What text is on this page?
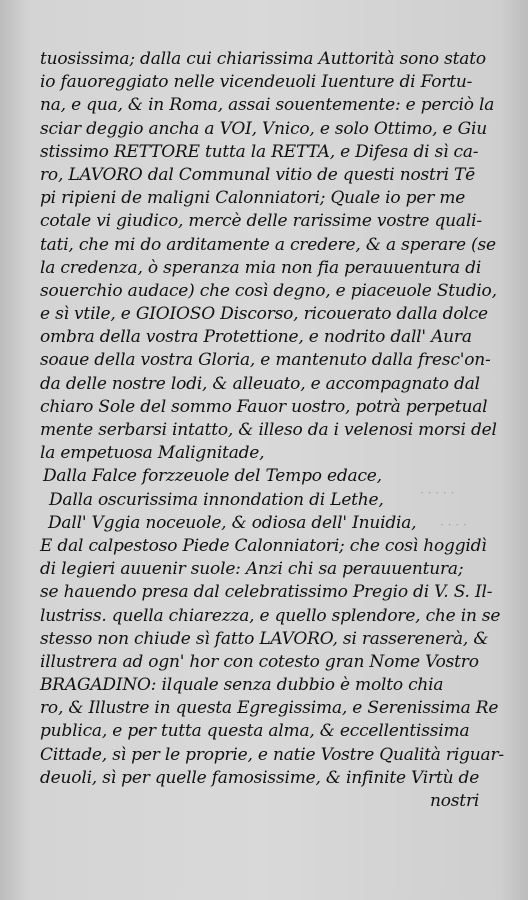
· · · · ·
· · · ·
tuosissima; dalla cui chiarissima Auttorità sono stato
io fauoreggiato nelle vicendeuoli Iuenture di Fortu-
na, e qua, & in Roma, assai souentemente: e perciò la
sciar deggio ancha a VOI, Vnico, e solo Ottimo, e Giu
stissimo RETTORE tutta la RETTA, e Difesa di sì ca-
ro, LAVORO dal Communal vitio de questi nostri Tē
pi ripieni de maligni Calonniatori; Quale io per me
cotale vi giudico, mercè delle rarissime vostre quali-
tati, che mi do arditamente a credere, & a sperare (se
la credenza, ò speranza mia non fia perauuentura di
souerchio audace) che così degno, e piaceuole Studio,
e sì vtile, e GIOIOSO Discorso, ricouerato dalla dolce
ombra della vostra Protettione, e nodrito dall' Aura
soaue della vostra Gloria, e mantenuto dalla fresc'on-
da delle nostre lodi, & alleuato, e accompagnato dal
chiaro Sole del sommo Fauor uostro, potrà perpetual
mente serbarsi intatto, & illeso da i velenosi morsi del
la empetuosa Malignitade,
Dalla Falce forzzeuole del Tempo edace,
Dalla oscurissima innondation di Lethe,
Dall' Vggia noceuole, & odiosa dell' Inuidia,
E dal calpestoso Piede Calonniatori; che così hoggidì
di legieri auuenir suole: Anzi chi sa perauuentura;
se hauendo presa dal celebratissimo Pregio di V. S. Il-
lustriss. quella chiarezza, e quello splendore, che in se
stesso non chiude sì fatto LAVORO, si rasserenerà, &
illustrera ad ogn' hor con cotesto gran Nome Vostro
BRAGADINO: ilquale senza dubbio è molto chia
ro, & Illustre in questa Egregissima, e Serenissima Re
publica, e per tutta questa alma, & eccellentissima
Cittade, sì per le proprie, e natie Vostre Qualità riguar-
deuoli, sì per quelle famosissime, & infinite Virtù de
nostri
